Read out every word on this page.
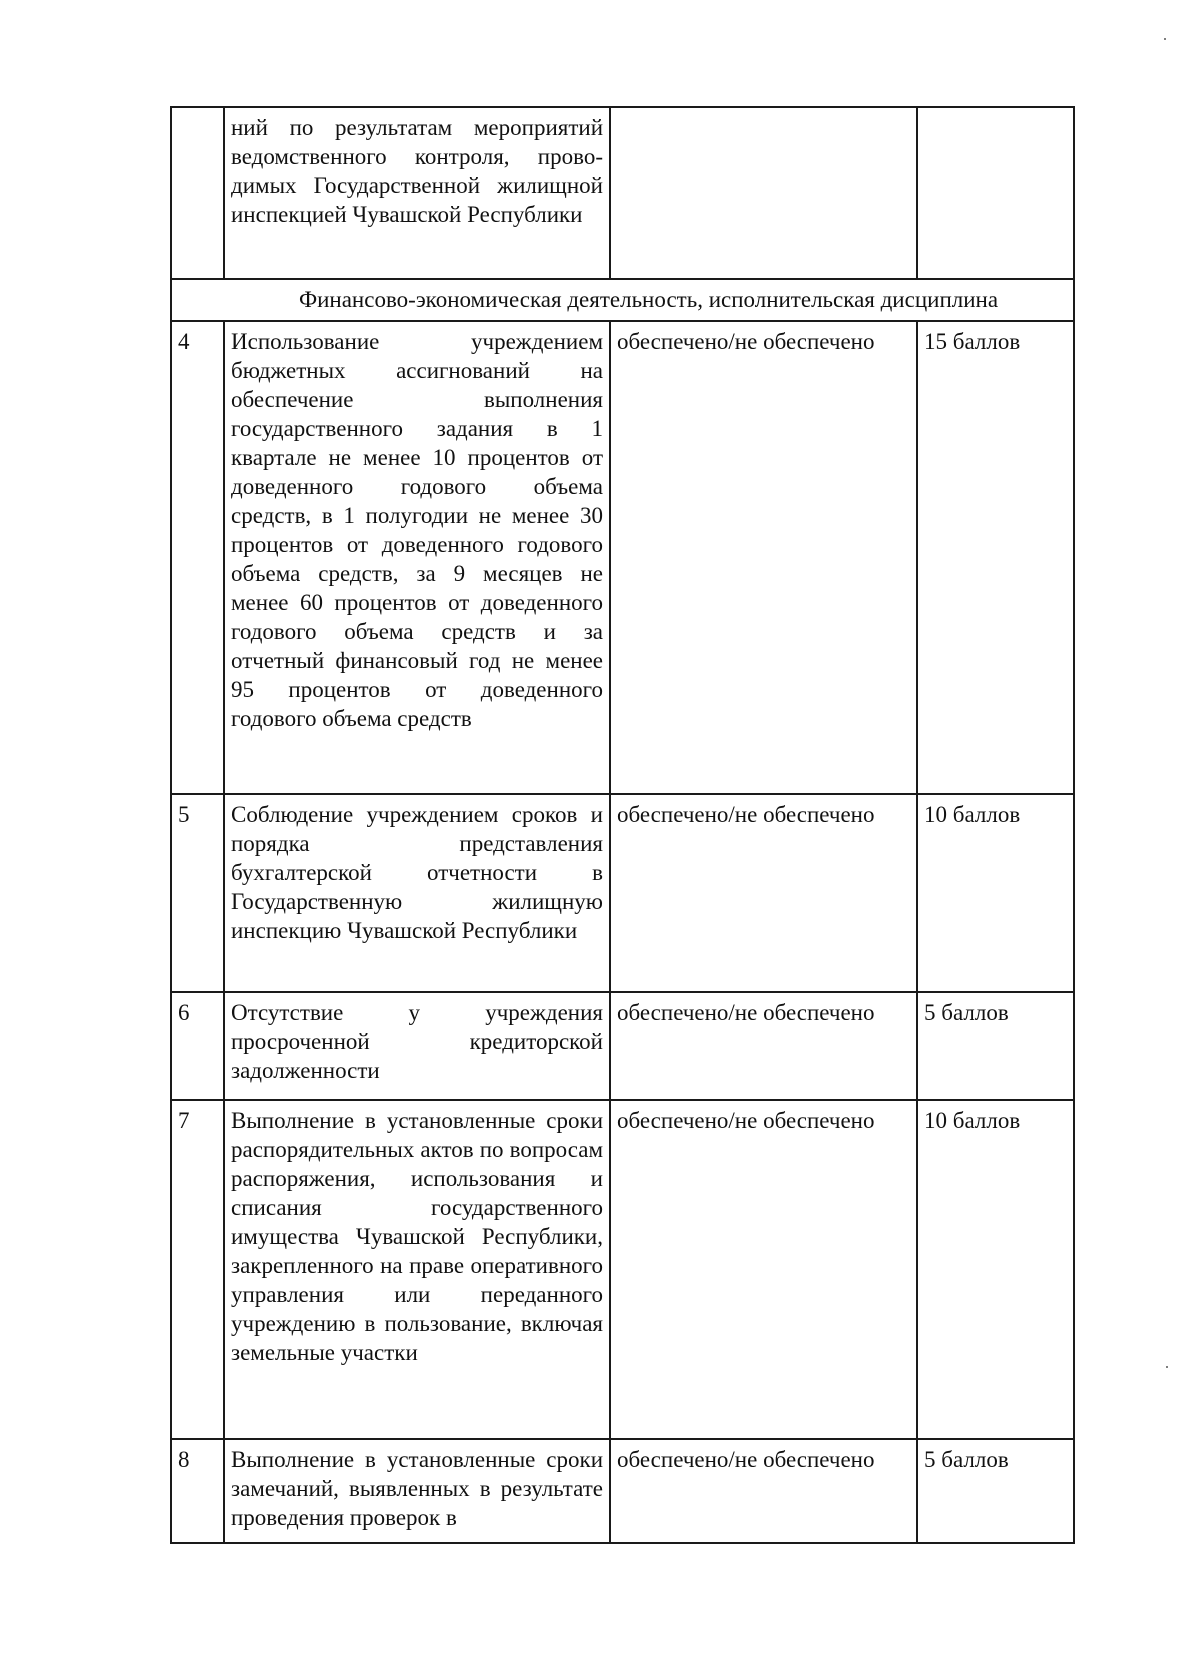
	ний по результатам мероприятий ведомственного контроля, проводимых Государственной жилищной инспекцией Чувашской Республики		
	Финансово-экономическая деятельность, исполнительская дисциплина		
4	Использование учреждением бюджетных ассигнований на обеспечение выполнения государственного задания в 1 квартале не менее 10 процентов от доведенного годового объема средств, в 1 полугодии не менее 30 процентов от доведенного годового объема средств, за 9 месяцев не менее 60 процентов от доведенного годового объема средств и за отчетный финансовый год не менее 95 процентов от доведенного годового объема средств	обеспечено/не обеспечено	15 баллов
5	Соблюдение учреждением сроков и порядка представления бухгалтерской отчетности в Государственную жилищную инспекцию Чувашской Республики	обеспечено/не обеспечено	10 баллов
6	Отсутствие у учреждения просроченной кредиторской задолженности	обеспечено/не обеспечено	5 баллов
7	Выполнение в установленные сроки распорядительных актов по вопросам распоряжения, использования и списания государственного имущества Чувашской Республики, закрепленного на праве оперативного управления или переданного учреждению в пользование, включая земельные участки	обеспечено/не обеспечено	10 баллов
8	Выполнение в установленные сроки замечаний, выявленных в результате проведения проверок в	обеспечено/не обеспечено	5 баллов
